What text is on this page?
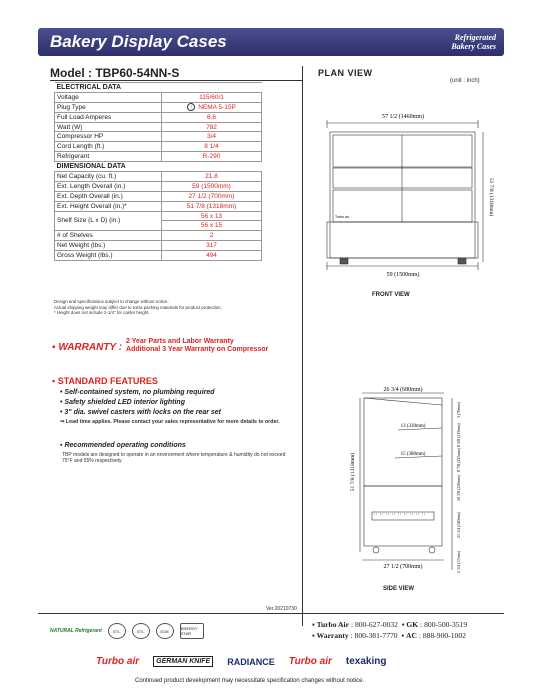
Bakery Display Cases	Refrigerated
Bakery Cases
Model : TBP60-54NN-S
ELECTRICAL DATA	
Voltage	115/60/1
Plug Type	⏚ NEMA 5-15P

Full Load Amperes	6.6
Watt (W)	782
Compressor HP	3/4
Cord Length (ft.)	8 1/4
Refrigerant	R-290
DIMENSIONAL DATA	
Net Capacity (cu. ft.)	21.8
Ext. Length Overall (in.)	59 (1500mm)
Ext. Depth Overall (in.)	27 1/2 (700mm)
Ext. Height Overall (in.)*	51 7/8 (1318mm)
Shelf Size (L x D) (in.)	56 x 13
	56 x 15
# of Shelves	2
Net Weight (lbs.)	317
Gross Weight (lbs.)	494
Design and specifications subject to change without notice.
Actual shipping weight may differ due to extra packing materials for product protection.
* Height does not include 2-1/4" for caster height.
▪ WARRANTY :
2 Year Parts and Labor Warranty
Additional 3 Year Warranty on Compressor
▪ STANDARD FEATURES
• Self-contained system, no plumbing required
• Safety shielded LED interior lighting
• 3" dia. swivel casters with locks on the rear set
⇒ Lead time applies. Please contact your sales representative for more details to order.
▪ Recommended operating conditions
TBP models are designed to operate in an environment where temperature & humidity do not exceed 75°F and 55% respectively.
PLAN VIEW
(unit : inch)
57 1/2 (1460mm)
Turbo air
59 (1500mm)
51 7/8 (1318mm)
26 3/4 (680mm)
13 (330mm)
15 (380mm)
51 7/8 (1318mm)
27 1/2 (700mm)
3 (76mm)
8 5/8 (219mm)
8 7/8 (225mm)
10 1/8 (256mm)
21 1/4 (540mm)
2 1/4 (57mm)
FRONT VIEW
SIDE VIEW
Ver.20210730
NATURAL Refrigerant	ETL	ETL	DOE	ENERGY STAR
▪ Turbo Air : 800-627-0032  ▪ GK : 800-500-3519
▪ Warranty : 800-381-7770  ▪ AC : 888-900-1002
Turbo air	GERMAN KNIFE	RADIANCE Turbo air texaking
Continued product development may necessitate specification changes without notice.
